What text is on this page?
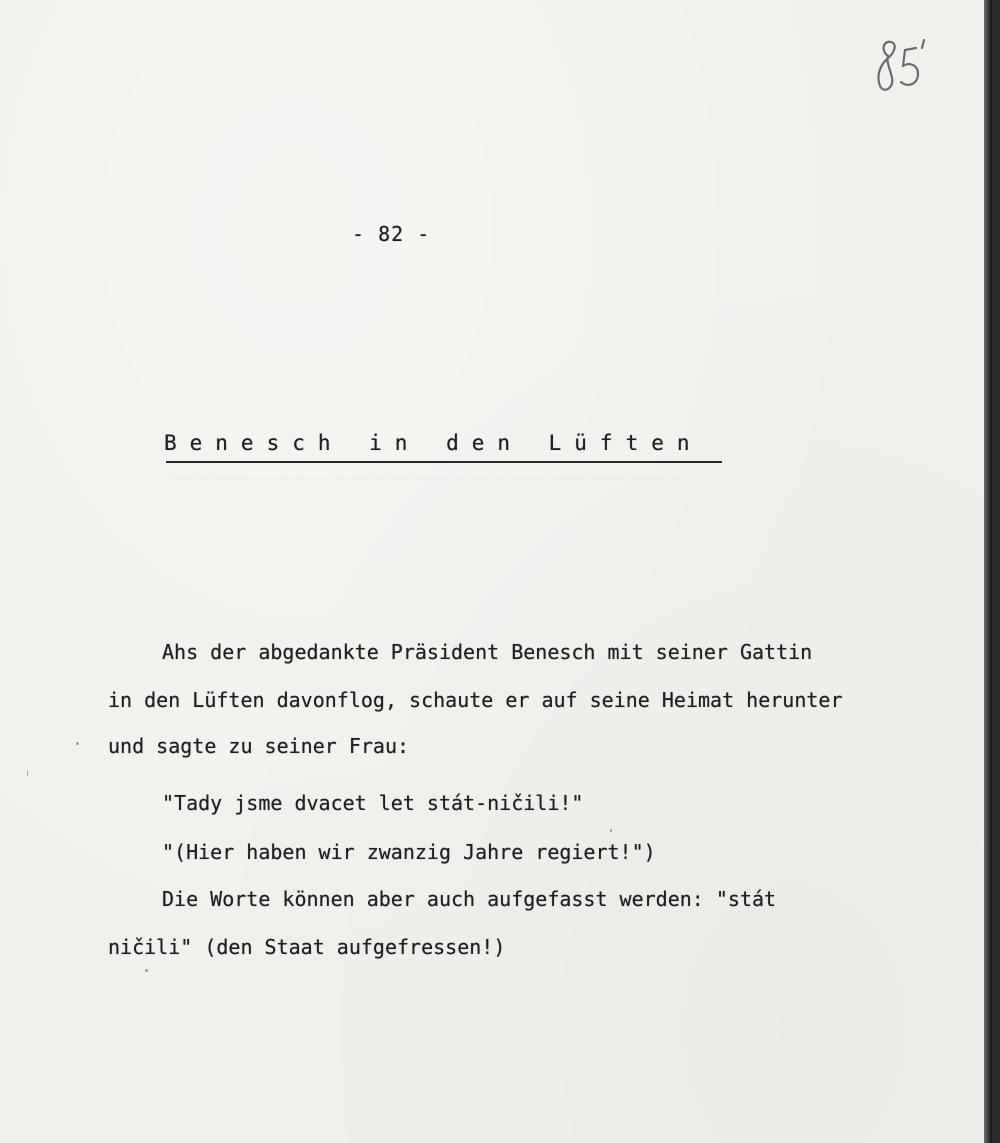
- 82 -
Benesch in den Lüften
Ahs der abgedankte Präsident Benesch mit seiner Gattin
in den Lüften davonflog, schaute er auf seine Heimat herunter
und sagte zu seiner Frau:
"Tady jsme dvacet let stát-ničili!"
"(Hier haben wir zwanzig Jahre regiert!")
Die Worte können aber auch aufgefasst werden: "stát
ničili" (den Staat aufgefressen!)
